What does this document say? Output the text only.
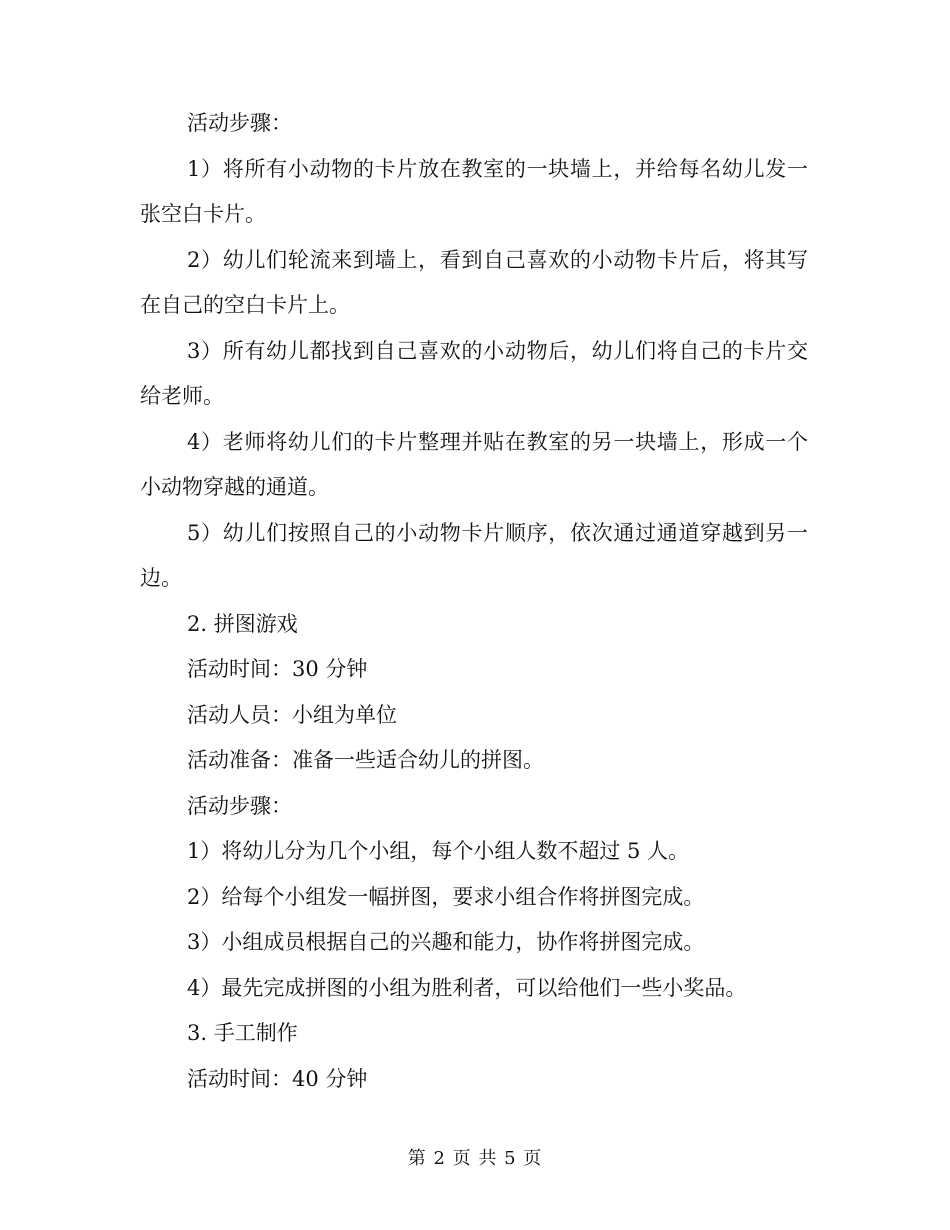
活动步骤：

1）将所有小动物的卡片放在教室的一块墙上，并给每名幼儿发一张空白卡片。

2）幼儿们轮流来到墙上，看到自己喜欢的小动物卡片后，将其写在自己的空白卡片上。

3）所有幼儿都找到自己喜欢的小动物后，幼儿们将自己的卡片交给老师。

4）老师将幼儿们的卡片整理并贴在教室的另一块墙上，形成一个小动物穿越的通道。

5）幼儿们按照自己的小动物卡片顺序，依次通过通道穿越到另一边。

2. 拼图游戏

活动时间：30 分钟

活动人员：小组为单位

活动准备：准备一些适合幼儿的拼图。

活动步骤：

1）将幼儿分为几个小组，每个小组人数不超过 5 人。

2）给每个小组发一幅拼图，要求小组合作将拼图完成。

3）小组成员根据自己的兴趣和能力，协作将拼图完成。

4）最先完成拼图的小组为胜利者，可以给他们一些小奖品。

3. 手工制作

活动时间：40 分钟

第 2 页 共 5 页
